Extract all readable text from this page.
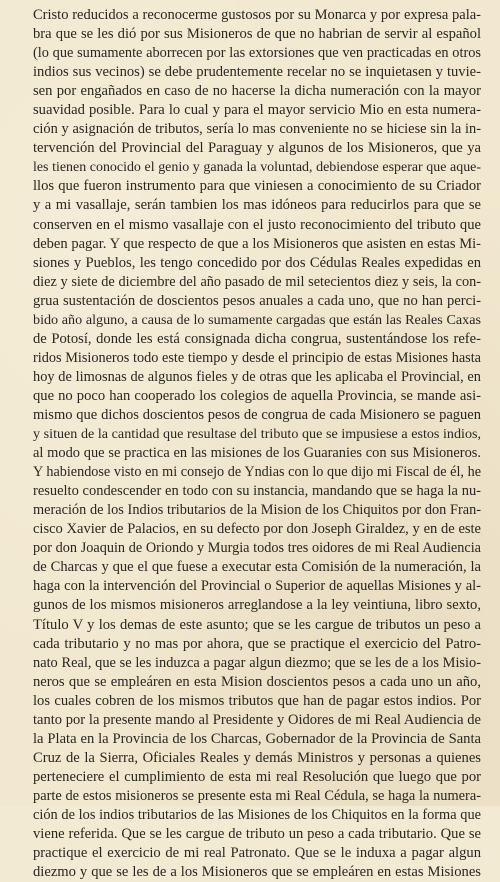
Cristo reducidos a reconocerme gustosos por su Monarca y por expresa pala-
bra que se les dió por sus Misioneros de que no habrian de servir al español
(lo que sumamente aborrecen por las extorsiones que ven practicadas en otros
indios sus vecinos) se debe prudentemente recelar no se inquietasen y tuvie-
sen por engañados en caso de no hacerse la dicha numeración con la mayor
suavidad posible. Para lo cual y para el mayor servicio Mio en esta numera-
ción y asignación de tributos, sería lo mas conveniente no se hiciese sin la in-
tervención del Provincial del Paraguay y algunos de los Misioneros, que ya
les tienen conocido el genio y ganada la voluntad, debiendose esperar que aque-
llos que fueron instrumento para que viniesen a conocimiento de su Criador
y a mi vasallaje, serán tambien los mas idóneos para reducirlos para que se
conserven en el mismo vasallaje con el justo reconocimiento del tributo que
deben pagar. Y que respecto de que a los Misioneros que asisten en estas Mi-
siones y Pueblos, les tengo concedido por dos Cédulas Reales expedidas en
diez y siete de diciembre del año pasado de mil setecientos diez y seis, la con-
grua sustentación de doscientos pesos anuales a cada uno, que no han perci-
bido año alguno, a causa de lo sumamente cargadas que están las Reales Caxas
de Potosí, donde les está consignada dicha congrua, sustentándose los refe-
ridos Misioneros todo este tiempo y desde el principio de estas Misiones hasta
hoy de limosnas de algunos fieles y de otras que les aplicaba el Provincial, en
que no poco han cooperado los colegios de aquella Provincia, se mande asi-
mismo que dichos doscientos pesos de congrua de cada Misionero se paguen
y situen de la cantidad que resultase del tributo que se impusiese a estos indios,
al modo que se practica en las misiones de los Guaranies con sus Misioneros.
Y habiendose visto en mi consejo de Yndias con lo que dijo mi Fiscal de él, he
resuelto condescender en todo con su instancia, mandando que se haga la nu-
meración de los Indios tributarios de la Mision de los Chiquitos por don Fran-
cisco Xavier de Palacios, en su defecto por don Joseph Giraldez, y en de este
por don Joaquin de Oriondo y Murgia todos tres oidores de mi Real Audiencia
de Charcas y que el que fuese a executar esta Comisión de la numeración, la
haga con la intervención del Provincial o Superior de aquellas Misiones y al-
gunos de los mismos misioneros arreglandose a la ley veintiuna, libro sexto,
Título V y los demas de este asunto; que se les cargue de tributos un peso a
cada tributario y no mas por ahora, que se practique el exercicio del Patro-
nato Real, que se les induzca a pagar algun diezmo; que se les de a los Misio-
neros que se empleáren en esta Mision doscientos pesos a cada uno un año,
los cuales cobren de los mismos tributos que han de pagar estos indios. Por
tanto por la presente mando al Presidente y Oidores de mi Real Audiencia de
la Plata en la Provincia de los Charcas, Gobernador de la Provincia de Santa
Cruz de la Sierra, Oficiales Reales y demás Ministros y personas a quienes
perteneciere el cumplimiento de esta mi real Resolución que luego que por
parte de estos misioneros se presente esta mi Real Cédula, se haga la numera-
ción de los indios tributarios de las Misiones de los Chiquitos en la forma que
viene referida. Que se les cargue de tributo un peso a cada tributario. Que se
practique el exercicio de mi real Patronato. Que se le induxa a pagar algun
diezmo y que se les de a los Misioneros que se empleáren en estas Misiones
